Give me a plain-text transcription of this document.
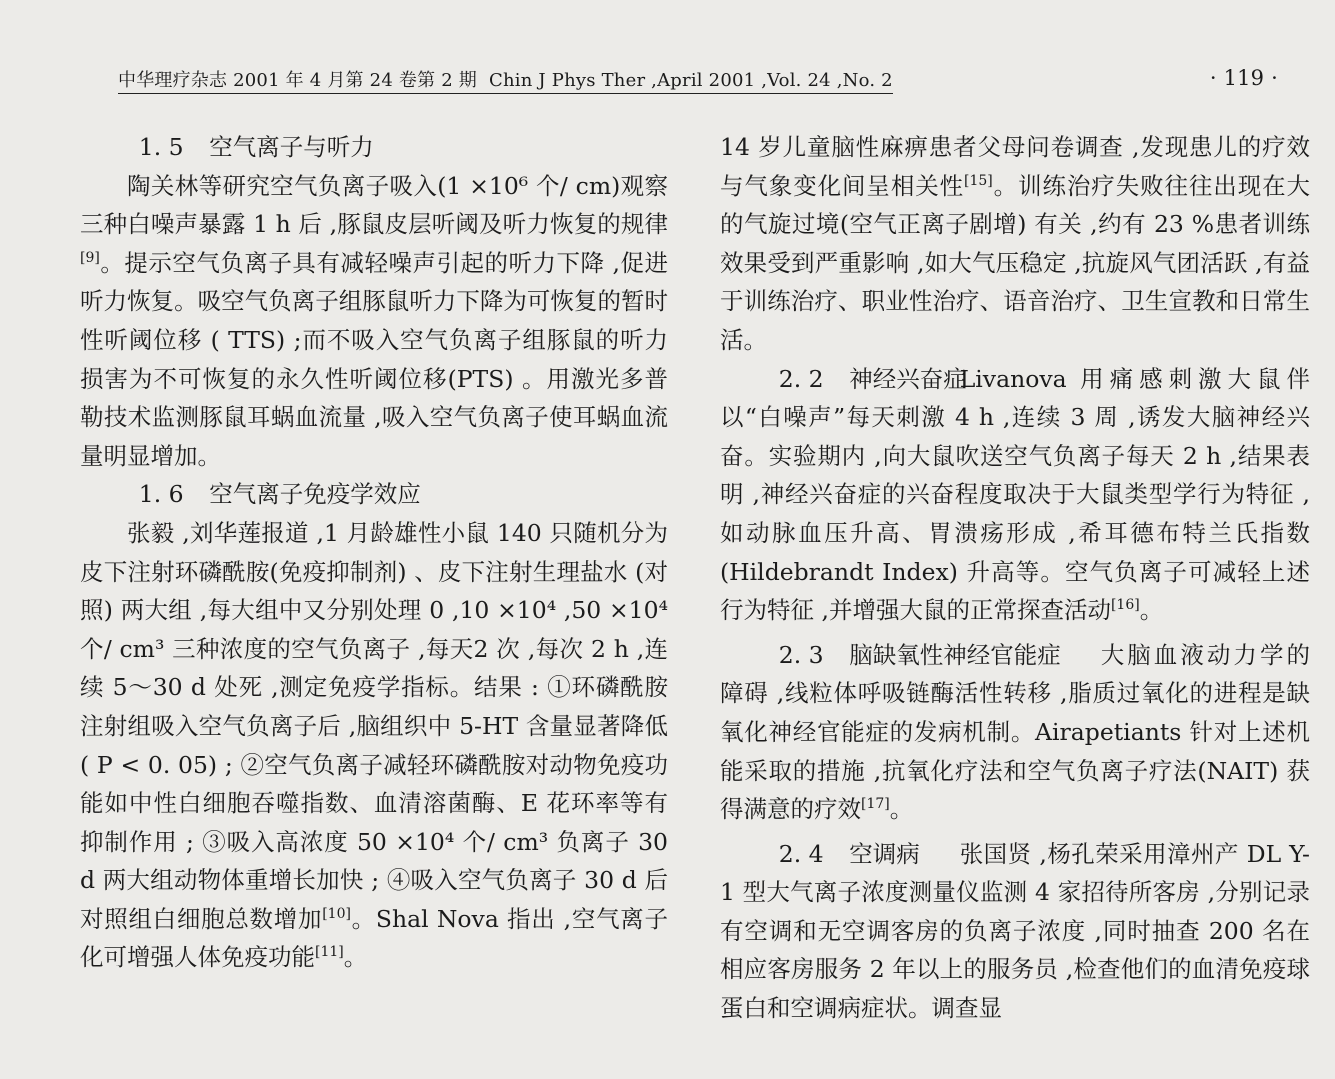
中华理疗杂志 2001 年 4 月第 24 卷第 2 期 Chin J Phys Ther ,April 2001 ,Vol. 24 ,No. 2	· 119 ·
1. 5 空气离子与听力

陶关林等研究空气负离子吸入(1 ×10⁶ 个/ cm)观察三种白噪声暴露 1 h 后 ,豚鼠皮层听阈及听力恢复的规律[9]。提示空气负离子具有减轻噪声引起的听力下降 ,促进听力恢复。吸空气负离子组豚鼠听力下降为可恢复的暂时性听阈位移 ( TTS) ;而不吸入空气负离子组豚鼠的听力损害为不可恢复的永久性听阈位移(PTS) 。用激光多普勒技术监测豚鼠耳蜗血流量 ,吸入空气负离子使耳蜗血流量明显增加。

1. 6 空气离子免疫学效应

张毅 ,刘华莲报道 ,1 月龄雄性小鼠 140 只随机分为皮下注射环磷酰胺(免疫抑制剂) 、皮下注射生理盐水 (对照) 两大组 ,每大组中又分别处理 0 ,10 ×10⁴ ,50 ×10⁴ 个/ cm³ 三种浓度的空气负离子 ,每天2 次 ,每次 2 h ,连续 5～30 d 处死 ,测定免疫学指标。结果 : ①环磷酰胺注射组吸入空气负离子后 ,脑组织中 5-HT 含量显著降低( P < 0. 05) ; ②空气负离子减轻环磷酰胺对动物免疫功能如中性白细胞吞噬指数、血清溶菌酶、E 花环率等有抑制作用 ; ③吸入高浓度 50 ×10⁴ 个/ cm³ 负离子 30 d 两大组动物体重增长加快 ; ④吸入空气负离子 30 d 后对照组白细胞总数增加[10]。Shal Nova 指出 ,空气离子化可增强人体免疫功能[11]。

14 岁儿童脑性麻痹患者父母问卷调查 ,发现患儿的疗效与气象变化间呈相关性[15]。训练治疗失败往往出现在大的气旋过境(空气正离子剧增) 有关 ,约有 23 %患者训练效果受到严重影响 ,如大气压稳定 ,抗旋风气团活跃 ,有益于训练治疗、职业性治疗、语音治疗、卫生宣教和日常生活。

2. 2 神经兴奋症

Livanova 用痛感刺激大鼠伴以“白噪声”每天刺激 4 h ,连续 3 周 ,诱发大脑神经兴奋。实验期内 ,向大鼠吹送空气负离子每天 2 h ,结果表明 ,神经兴奋症的兴奋程度取决于大鼠类型学行为特征 ,如动脉血压升高、胃溃疡形成 ,希耳德布特兰氏指数 (Hildebrandt Index) 升高等。空气负离子可减轻上述行为特征 ,并增强大鼠的正常探查活动[16]。

2. 3 脑缺氧性神经官能症	大脑血液动力学的障碍 ,线粒体呼吸链酶活性转移 ,脂质过氧化的进程是缺氧化神经官能症的发病机制。Airapetiants 针对上述机能采取的措施 ,抗氧化疗法和空气负离子疗法(NAIT) 获得满意的疗效[17]。

2. 4 空调病	张国贤 ,杨孔荣采用漳州产 DL Y-1 型大气离子浓度测量仪监测 4 家招待所客房 ,分别记录有空调和无空调客房的负离子浓度 ,同时抽查 200 名在相应客房服务 2 年以上的服务员 ,检查他们的血清免疫球蛋白和空调病症状。调查显
